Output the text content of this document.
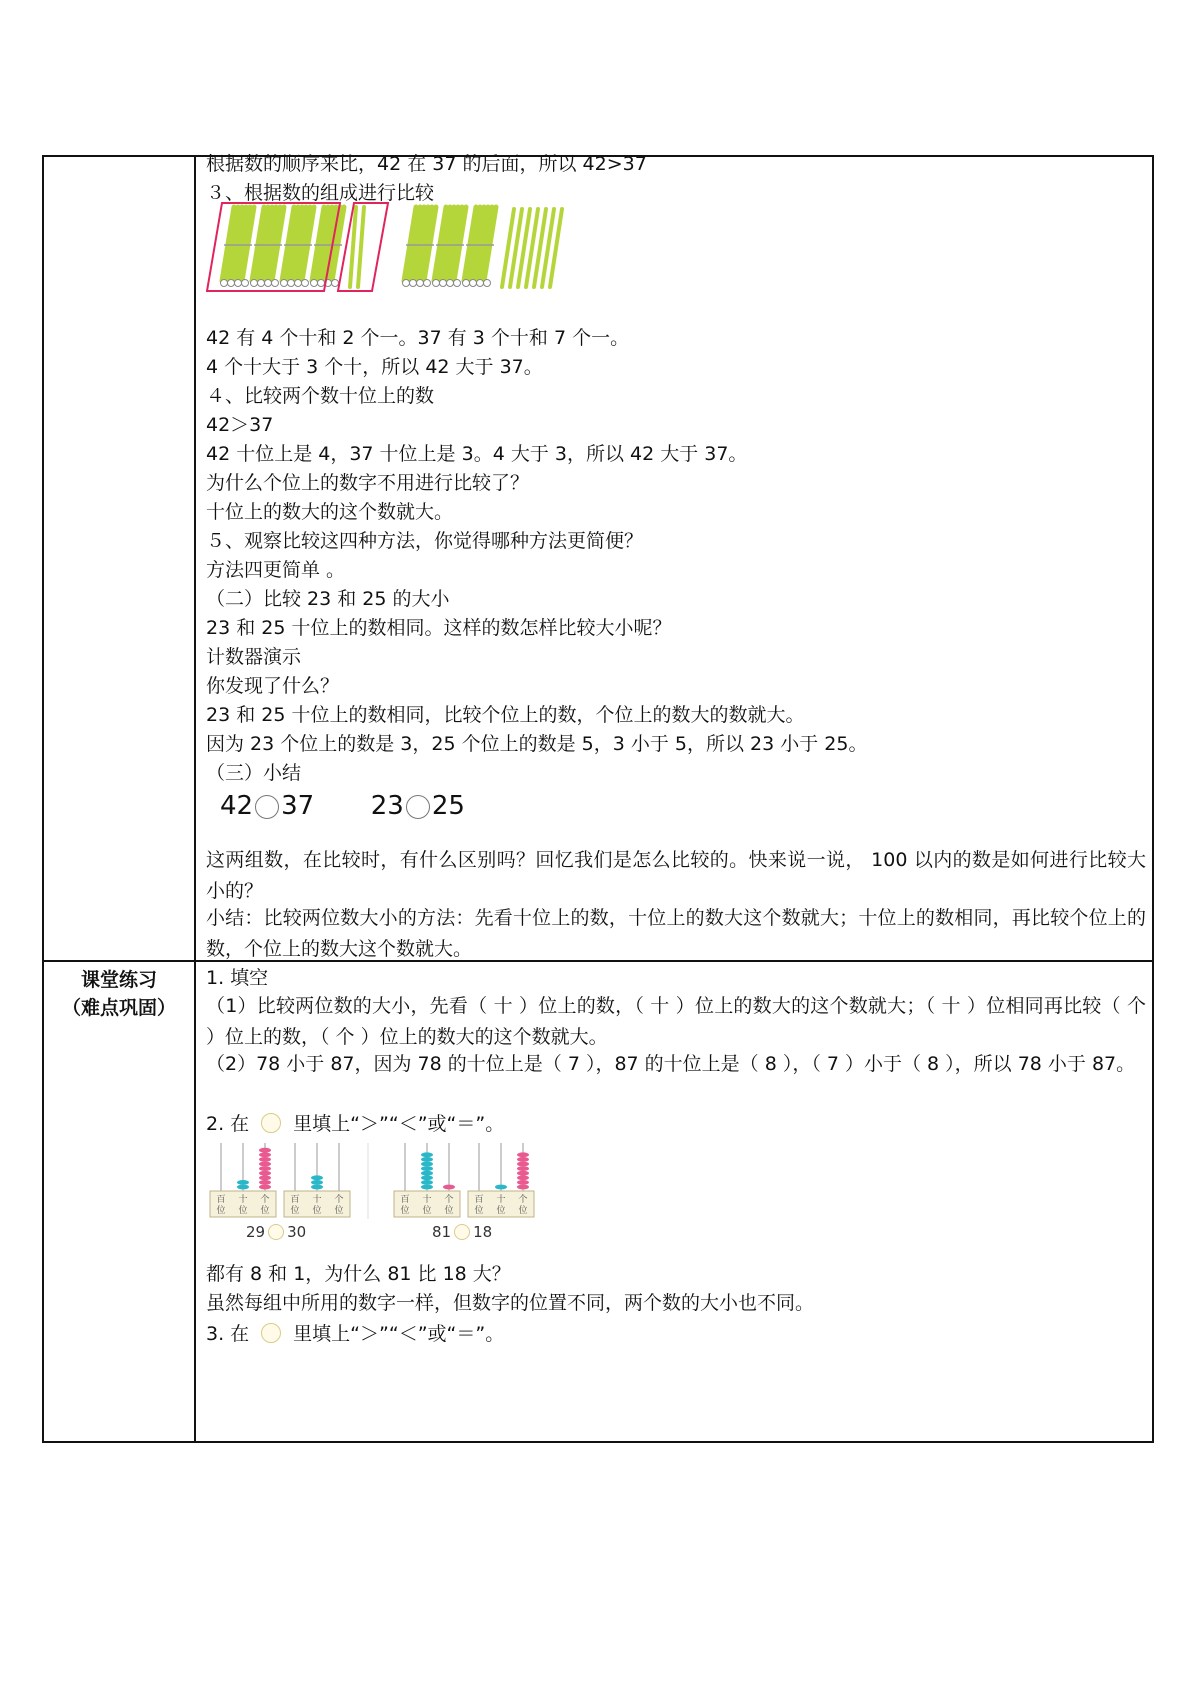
课堂练习
（难点巩固）
根据数的顺序来比，42 在 37 的后面，所以 42>37
３、根据数的组成进行比较
42 有 4 个十和 2 个一。37 有 3 个十和 7 个一。
4 个十大于 3 个十，所以 42 大于 37。
４、比较两个数十位上的数
42＞37
42 十位上是 4，37 十位上是 3。4 大于 3，所以 42 大于 37。
为什么个位上的数字不用进行比较了？
十位上的数大的这个数就大。
５、观察比较这四种方法，你觉得哪种方法更简便？
方法四更简单 。
（二）比较 23 和 25 的大小
23 和 25 十位上的数相同。这样的数怎样比较大小呢？
计数器演示
你发现了什么？
23 和 25 十位上的数相同，比较个位上的数，个位上的数大的数就大。
因为 23 个位上的数是 3，25 个位上的数是 5，3 小于 5，所以 23 小于 25。
（三）小结
42 37 23 25
这两组数，在比较时，有什么区别吗？回忆我们是怎么比较的。快来说一说， 100 以内的数是如何进行比较大小的？
小结：比较两位数大小的方法：先看十位上的数，十位上的数大这个数就大；十位上的数相同，再比较个位上的数，个位上的数大这个数就大。
1. 填空
（1）比较两位数的大小，先看（ 十 ）位上的数，（ 十 ）位上的数大的这个数就大；（ 十 ）位相同再比较（ 个 ）位上的数，（ 个 ）位上的数大的这个数就大。
（2）78 小于 87，因为 78 的十位上是（ 7 ），87 的十位上是（ 8 ），（ 7 ）小于（ 8 ），所以 78 小于 87。
2. 在 里填上“＞”“＜”或“＝”。
百
位
十
位
个
位
百
位
十
位
个
位
百
位
十
位
个
位
百
位
十
位
个
位
29 30	81 18
都有 8 和 1，为什么 81 比 18 大？
虽然每组中所用的数字一样，但数字的位置不同，两个数的大小也不同。
3. 在 里填上“＞”“＜”或“＝”。
